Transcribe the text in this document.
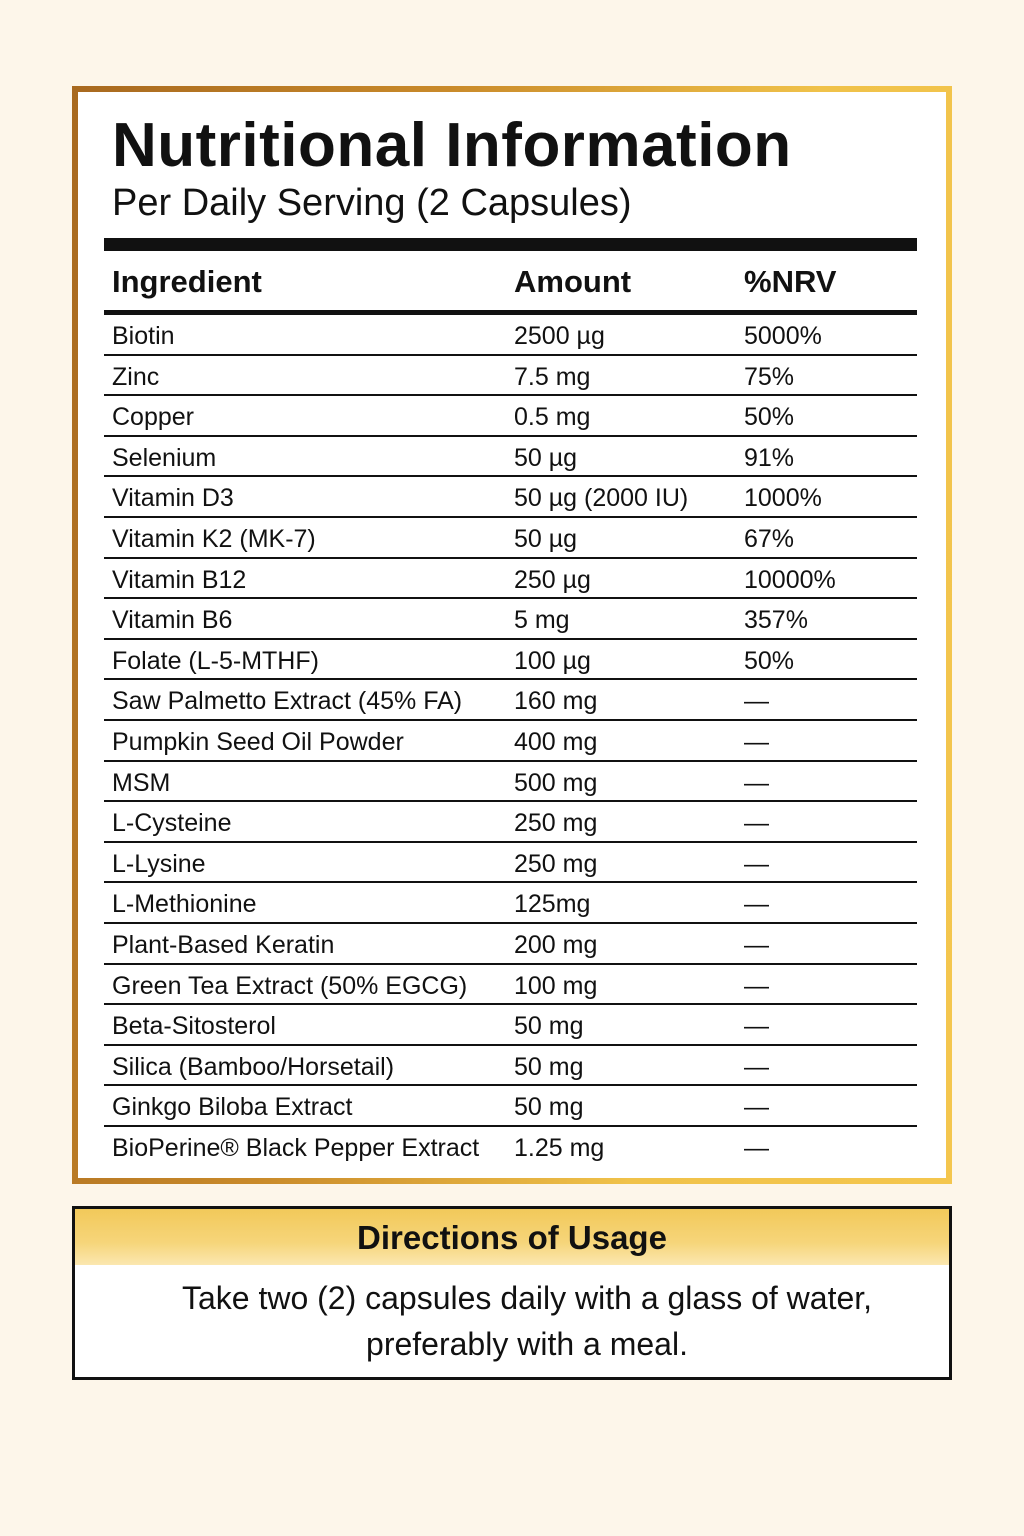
Nutritional Information
Per Daily Serving (2 Capsules)
Ingredient	Amount	%NRV
Biotin	2500 µg	5000%
Zinc	7.5 mg	75%
Copper	0.5 mg	50%
Selenium	50 µg	91%
Vitamin D3	50 µg (2000 IU) 1000%
Vitamin K2 (MK-7)	50 µg	67%
Vitamin B12	250 µg	10000%
Vitamin B6	5 mg	357%
Folate (L-5-MTHF)	100 µg	50%
Saw Palmetto Extract (45% FA) 160 mg	—
Pumpkin Seed Oil Powder	400 mg	—
MSM	500 mg	—
L-Cysteine	250 mg	—
L-Lysine	250 mg	—
L-Methionine	125mg	—
Plant-Based Keratin	200 mg	—
Green Tea Extract (50% EGCG) 100 mg	—
Beta-Sitosterol	50 mg	—
Silica (Bamboo/Horsetail)	50 mg	—
Ginkgo Biloba Extract	50 mg	—
BioPerine® Black Pepper Extract 1.25 mg	—
Directions of Usage
Take two (2) capsules daily with a glass of water,
preferably with a meal.
